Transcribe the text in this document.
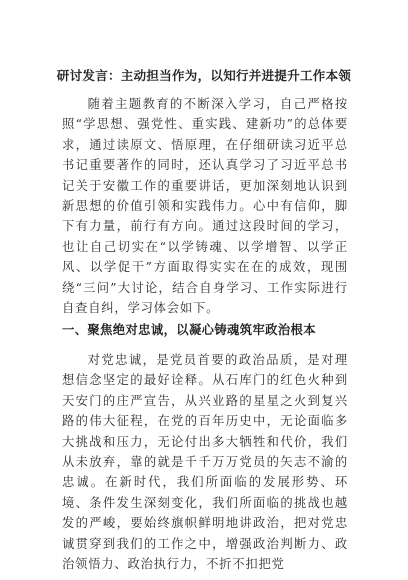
研讨发言：主动担当作为，以知行并进提升工作本领
随着主题教育的不断深入学习，自己严格按照“学思想、强党性、重实践、建新功”的总体要求，通过读原文、悟原理，在仔细研读习近平总书记重要著作的同时，还认真学习了习近平总书记关于安徽工作的重要讲话，更加深刻地认识到新思想的价值引领和实践伟力。心中有信仰，脚下有力量，前行有方向。通过这段时间的学习，也让自己切实在“以学铸魂、以学增智、以学正风、以学促干”方面取得实实在在的成效，现围绕“三问”大讨论，结合自身学习、工作实际进行自查自纠，学习体会如下。
一、聚焦绝对忠诚，以凝心铸魂筑牢政治根本
对党忠诚，是党员首要的政治品质，是对理想信念坚定的最好诠释。从石库门的红色火种到天安门的庄严宣告，从兴业路的星星之火到复兴路的伟大征程，在党的百年历史中，无论面临多大挑战和压力，无论付出多大牺牲和代价，我们从未放弃，靠的就是千千万万党员的矢志不渝的忠诚。在新时代，我们所面临的发展形势、环境、条件发生深刻变化，我们所面临的挑战也越发的严峻，要始终旗帜鲜明地讲政治，把对党忠诚贯穿到我们的工作之中，增强政治判断力、政治领悟力、政治执行力，不折不扣把党
